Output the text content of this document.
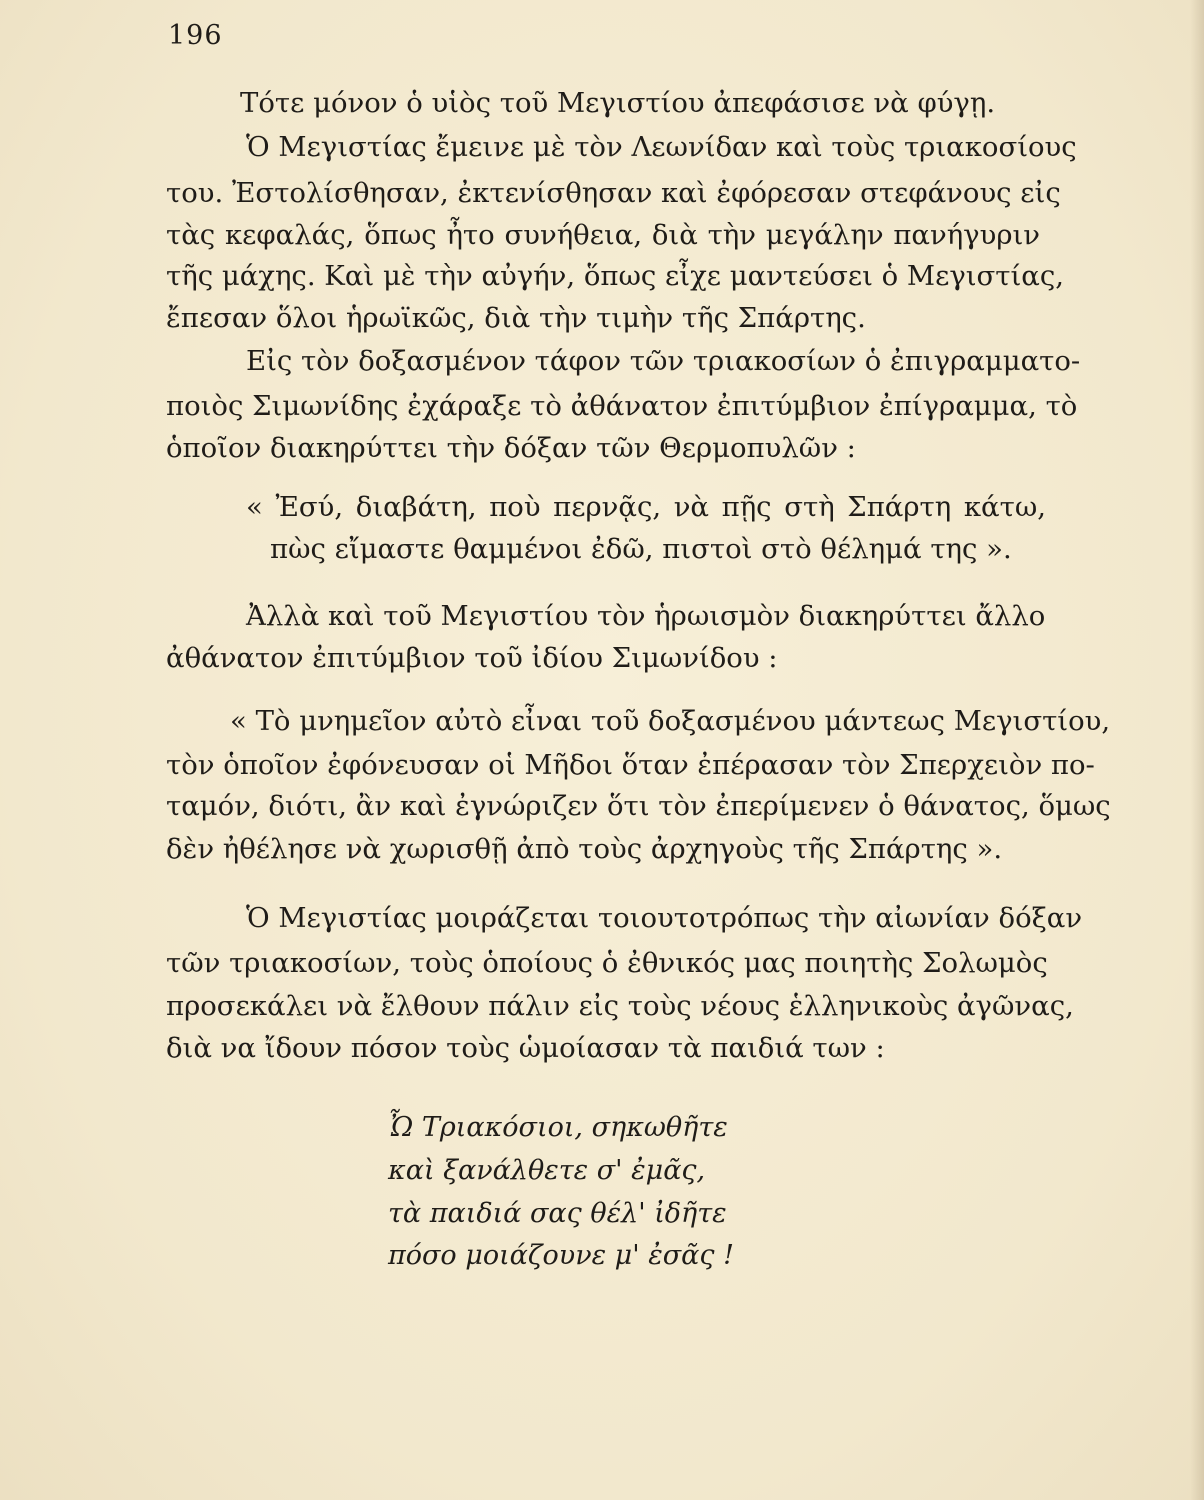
196
Τότε μόνον ὁ υἱὸς τοῦ Μεγιστίου ἀπεφάσισε νὰ φύγῃ.
Ὁ Μεγιστίας ἔμεινε μὲ τὸν Λεωνίδαν καὶ τοὺς τριακοσίους
του. Ἐστολίσθησαν, ἐκτενίσθησαν καὶ ἐφόρεσαν στεφάνους εἰς
τὰς κεφαλάς, ὅπως ἦτο συνήθεια, διὰ τὴν μεγάλην πανήγυριν
τῆς μάχης. Καὶ μὲ τὴν αὐγήν, ὅπως εἶχε μαντεύσει ὁ Μεγιστίας,
ἔπεσαν ὅλοι ἡρωϊκῶς, διὰ τὴν τιμὴν τῆς Σπάρτης.
Εἰς τὸν δοξασμένον τάφον τῶν τριακοσίων ὁ ἐπιγραμματο-
ποιὸς Σιμωνίδης ἐχάραξε τὸ ἀθάνατον ἐπιτύμβιον ἐπίγραμμα, τὸ
ὁποῖον διακηρύττει τὴν δόξαν τῶν Θερμοπυλῶν :
« Ἐσύ, διαβάτη, ποὺ περνᾷς, νὰ πῇς στὴ Σπάρτη κάτω,
πὼς εἴμαστε θαμμένοι ἐδῶ, πιστοὶ στὸ θέλημά της ».
Ἀλλὰ καὶ τοῦ Μεγιστίου τὸν ἡρωισμὸν διακηρύττει ἄλλο
ἀθάνατον ἐπιτύμβιον τοῦ ἰδίου Σιμωνίδου :
« Τὸ μνημεῖον αὐτὸ εἶναι τοῦ δοξασμένου μάντεως Μεγιστίου,
τὸν ὁποῖον ἐφόνευσαν οἱ Μῆδοι ὅταν ἐπέρασαν τὸν Σπερχειὸν πο-
ταμόν, διότι, ἂν καὶ ἐγνώριζεν ὅτι τὸν ἐπερίμενεν ὁ θάνατος, ὅμως
δὲν ἠθέλησε νὰ χωρισθῇ ἀπὸ τοὺς ἀρχηγοὺς τῆς Σπάρτης ».
Ὁ Μεγιστίας μοιράζεται τοιουτοτρόπως τὴν αἰωνίαν δόξαν
τῶν τριακοσίων, τοὺς ὁποίους ὁ ἐθνικός μας ποιητὴς Σολωμὸς
προσεκάλει νὰ ἔλθουν πάλιν εἰς τοὺς νέους ἑλληνικοὺς ἀγῶνας,
διὰ να ἴδουν πόσον τοὺς ὡμοίασαν τὰ παιδιά των :
Ὦ Τριακόσιοι, σηκωθῆτε
καὶ ξανάλθετε σ' ἐμᾶς,
τὰ παιδιά σας θέλ' ἰδῆτε
πόσο μοιάζουνε μ' ἐσᾶς !
